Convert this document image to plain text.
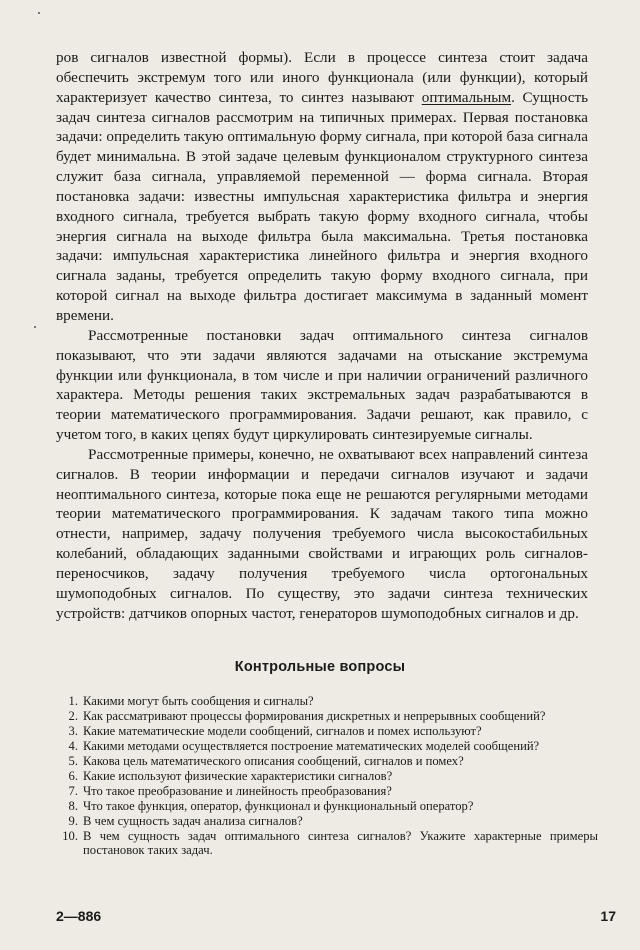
ров сигналов известной формы). Если в процессе синтеза стоит задача обеспечить экстремум того или иного функционала (или функции), который характеризует качество синтеза, то синтез называют оптимальным. Сущность задач синтеза сигналов рассмотрим на типичных примерах. Первая постановка задачи: определить такую оптимальную форму сигнала, при которой база сигнала будет минимальна. В этой задаче целевым функционалом структурного синтеза служит база сигнала, управляемой переменной — форма сигнала. Вторая постановка задачи: известны импульсная характеристика фильтра и энергия входного сигнала, требуется выбрать такую форму входного сигнала, чтобы энергия сигнала на выходе фильтра была максимальна. Третья постановка задачи: импульсная характеристика линейного фильтра и энергия входного сигнала заданы, требуется определить такую форму входного сигнала, при которой сигнал на выходе фильтра достигает максимума в заданный момент времени.

Рассмотренные постановки задач оптимального синтеза сигналов показывают, что эти задачи являются задачами на отыскание экстремума функции или функционала, в том числе и при наличии ограничений различного характера. Методы решения таких экстремальных задач разрабатываются в теории математического программирования. Задачи решают, как правило, с учетом того, в каких цепях будут циркулировать синтезируемые сигналы.

Рассмотренные примеры, конечно, не охватывают всех направлений синтеза сигналов. В теории информации и передачи сигналов изучают и задачи неоптимального синтеза, которые пока еще не решаются регулярными методами теории математического программирования. К задачам такого типа можно отнести, например, задачу получения требуемого числа высокостабильных колебаний, обладающих заданными свойствами и играющих роль сигналов-переносчиков, задачу получения требуемого числа ортогональных шумоподобных сигналов. По существу, это задачи синтеза технических устройств: датчиков опорных частот, генераторов шумоподобных сигналов и др.

Контрольные вопросы
1. Какими могут быть сообщения и сигналы?
2. Как рассматривают процессы формирования дискретных и непрерывных сообщений?
3. Какие математические модели сообщений, сигналов и помех используют?
4. Какими методами осуществляется построение математических моделей сообщений?
5. Какова цель математического описания сообщений, сигналов и помех?
6. Какие используют физические характеристики сигналов?
7. Что такое преобразование и линейность преобразования?
8. Что такое функция, оператор, функционал и функциональный оператор?
9. В чем сущность задач анализа сигналов?
10. В чем сущность задач оптимального синтеза сигналов? Укажите характерные примеры постановок таких задач.
2—886	17
